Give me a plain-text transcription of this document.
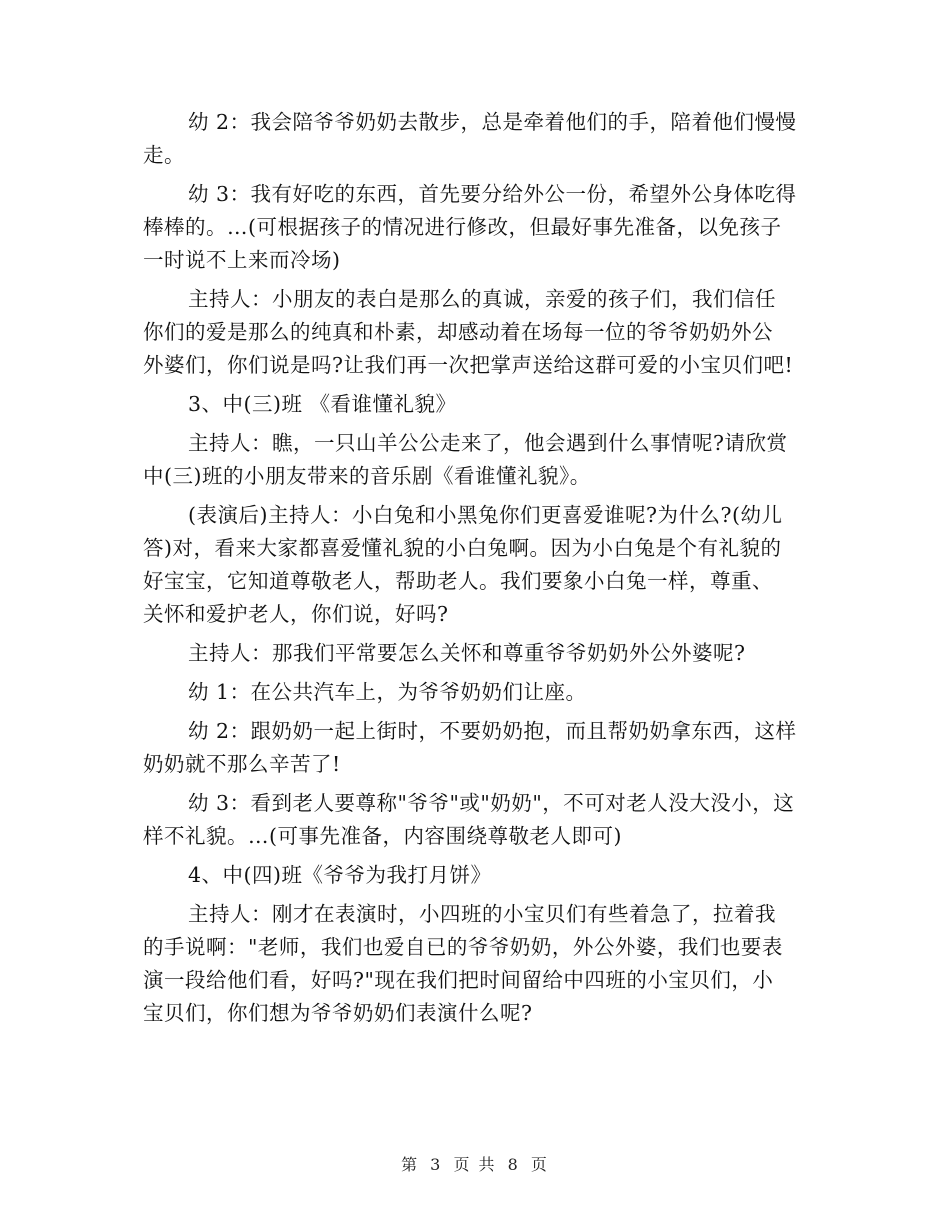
幼 2：我会陪爷爷奶奶去散步，总是牵着他们的手，陪着他们慢慢
走。

幼 3：我有好吃的东西，首先要分给外公一份，希望外公身体吃得
棒棒的。…(可根据孩子的情况进行修改，但最好事先准备，以免孩子
一时说不上来而冷场)

主持人：小朋友的表白是那么的真诚，亲爱的孩子们，我们信任
你们的爱是那么的纯真和朴素，却感动着在场每一位的爷爷奶奶外公
外婆们，你们说是吗?让我们再一次把掌声送给这群可爱的小宝贝们吧!

3、中(三)班 《看谁懂礼貌》

主持人：瞧，一只山羊公公走来了，他会遇到什么事情呢?请欣赏
中(三)班的小朋友带来的音乐剧《看谁懂礼貌》。

(表演后)主持人：小白兔和小黑兔你们更喜爱谁呢?为什么?(幼儿
答)对，看来大家都喜爱懂礼貌的小白兔啊。因为小白兔是个有礼貌的
好宝宝，它知道尊敬老人，帮助老人。我们要象小白兔一样，尊重、
关怀和爱护老人，你们说，好吗?

主持人：那我们平常要怎么关怀和尊重爷爷奶奶外公外婆呢?

幼 1：在公共汽车上，为爷爷奶奶们让座。

幼 2：跟奶奶一起上街时，不要奶奶抱，而且帮奶奶拿东西，这样
奶奶就不那么辛苦了!

幼 3：看到老人要尊称"爷爷"或"奶奶"，不可对老人没大没小，这
样不礼貌。…(可事先准备，内容围绕尊敬老人即可)

4、中(四)班《爷爷为我打月饼》

主持人：刚才在表演时，小四班的小宝贝们有些着急了，拉着我
的手说啊："老师，我们也爱自已的爷爷奶奶，外公外婆，我们也要表
演一段给他们看，好吗?"现在我们把时间留给中四班的小宝贝们，小
宝贝们，你们想为爷爷奶奶们表演什么呢?

第 3 页 共 8 页
